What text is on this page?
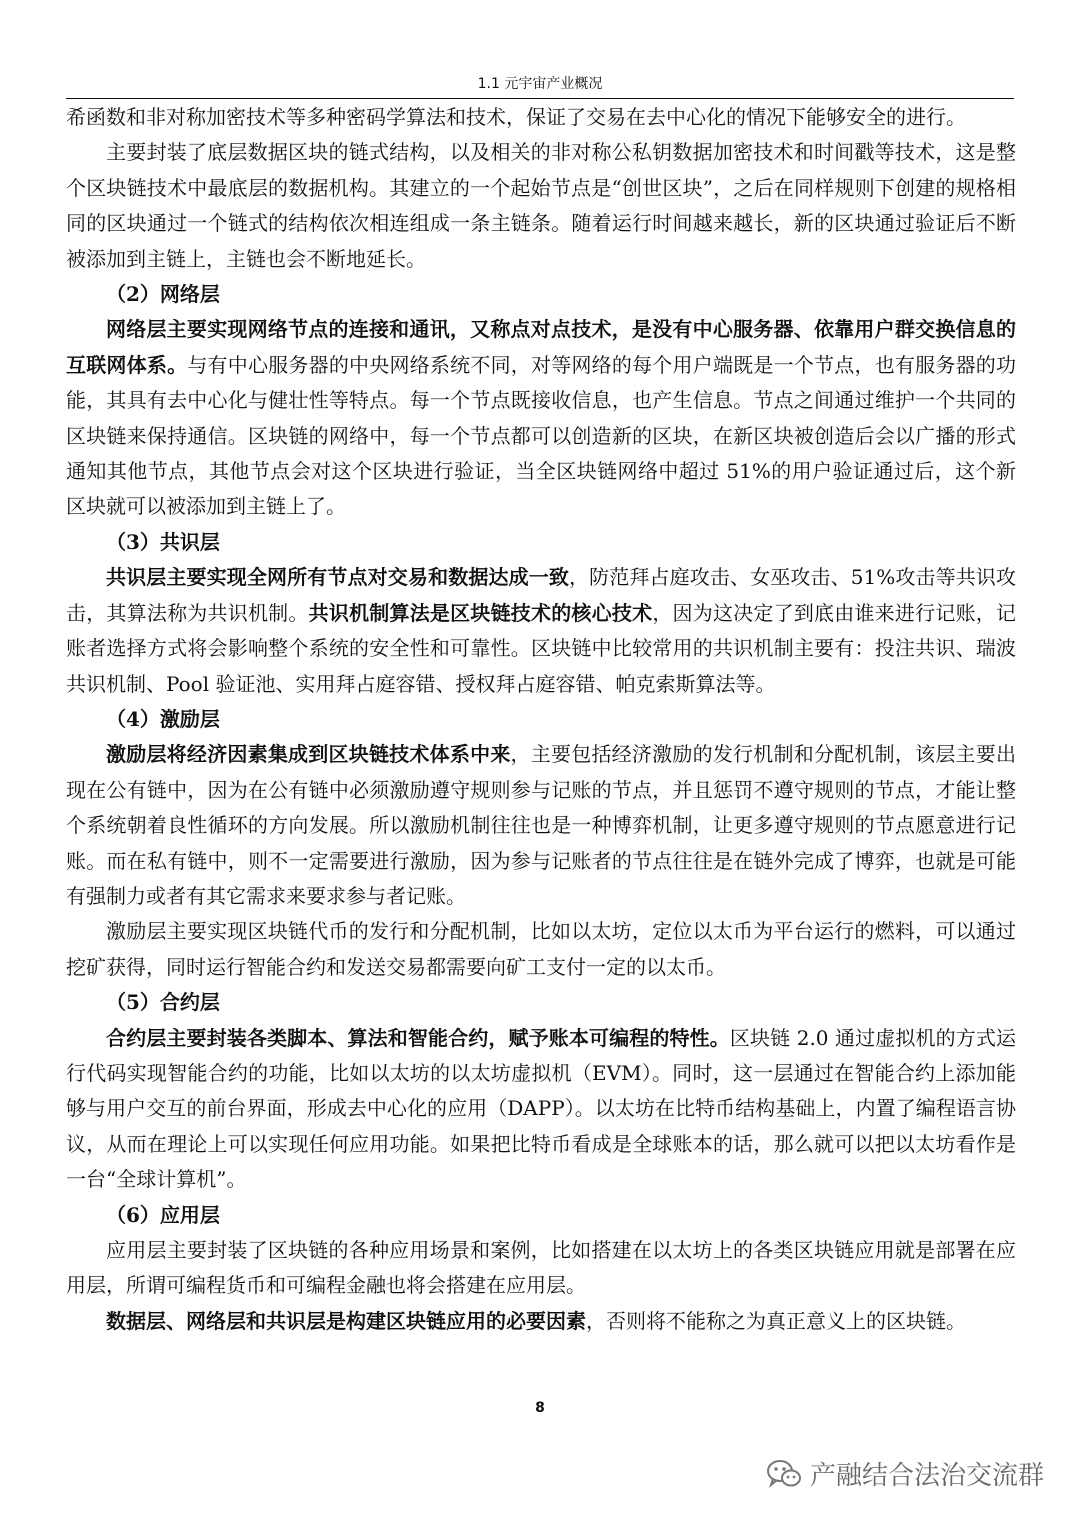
1.1 元宇宙产业概况

希函数和非对称加密技术等多种密码学算法和技术，保证了交易在去中心化的情况下能够安全的进行。

主要封装了底层数据区块的链式结构，以及相关的非对称公私钥数据加密技术和时间戳等技术，这是整个区块链技术中最底层的数据机构。其建立的一个起始节点是“创世区块”，之后在同样规则下创建的规格相同的区块通过一个链式的结构依次相连组成一条主链条。随着运行时间越来越长，新的区块通过验证后不断被添加到主链上，主链也会不断地延长。

（2）网络层

网络层主要实现网络节点的连接和通讯，又称点对点技术，是没有中心服务器、依靠用户群交换信息的互联网体系。与有中心服务器的中央网络系统不同，对等网络的每个用户端既是一个节点，也有服务器的功能，其具有去中心化与健壮性等特点。每一个节点既接收信息，也产生信息。节点之间通过维护一个共同的区块链来保持通信。区块链的网络中，每一个节点都可以创造新的区块，在新区块被创造后会以广播的形式通知其他节点，其他节点会对这个区块进行验证，当全区块链网络中超过 51%的用户验证通过后，这个新区块就可以被添加到主链上了。

（3）共识层

共识层主要实现全网所有节点对交易和数据达成一致，防范拜占庭攻击、女巫攻击、51%攻击等共识攻击，其算法称为共识机制。共识机制算法是区块链技术的核心技术，因为这决定了到底由谁来进行记账，记账者选择方式将会影响整个系统的安全性和可靠性。区块链中比较常用的共识机制主要有：投注共识、瑞波共识机制、Pool 验证池、实用拜占庭容错、授权拜占庭容错、帕克索斯算法等。

（4）激励层

激励层将经济因素集成到区块链技术体系中来，主要包括经济激励的发行机制和分配机制，该层主要出现在公有链中，因为在公有链中必须激励遵守规则参与记账的节点，并且惩罚不遵守规则的节点，才能让整个系统朝着良性循环的方向发展。所以激励机制往往也是一种博弈机制，让更多遵守规则的节点愿意进行记账。而在私有链中，则不一定需要进行激励，因为参与记账者的节点往往是在链外完成了博弈，也就是可能有强制力或者有其它需求来要求参与者记账。

激励层主要实现区块链代币的发行和分配机制，比如以太坊，定位以太币为平台运行的燃料，可以通过挖矿获得，同时运行智能合约和发送交易都需要向矿工支付一定的以太币。

（5）合约层

合约层主要封装各类脚本、算法和智能合约，赋予账本可编程的特性。区块链 2.0 通过虚拟机的方式运行代码实现智能合约的功能，比如以太坊的以太坊虚拟机（EVM）。同时，这一层通过在智能合约上添加能够与用户交互的前台界面，形成去中心化的应用（DAPP）。以太坊在比特币结构基础上，内置了编程语言协议，从而在理论上可以实现任何应用功能。如果把比特币看成是全球账本的话，那么就可以把以太坊看作是一台“全球计算机”。

（6）应用层

应用层主要封装了区块链的各种应用场景和案例，比如搭建在以太坊上的各类区块链应用就是部署在应用层，所谓可编程货币和可编程金融也将会搭建在应用层。

数据层、网络层和共识层是构建区块链应用的必要因素，否则将不能称之为真正意义上的区块链。

8
产融结合法治交流群
